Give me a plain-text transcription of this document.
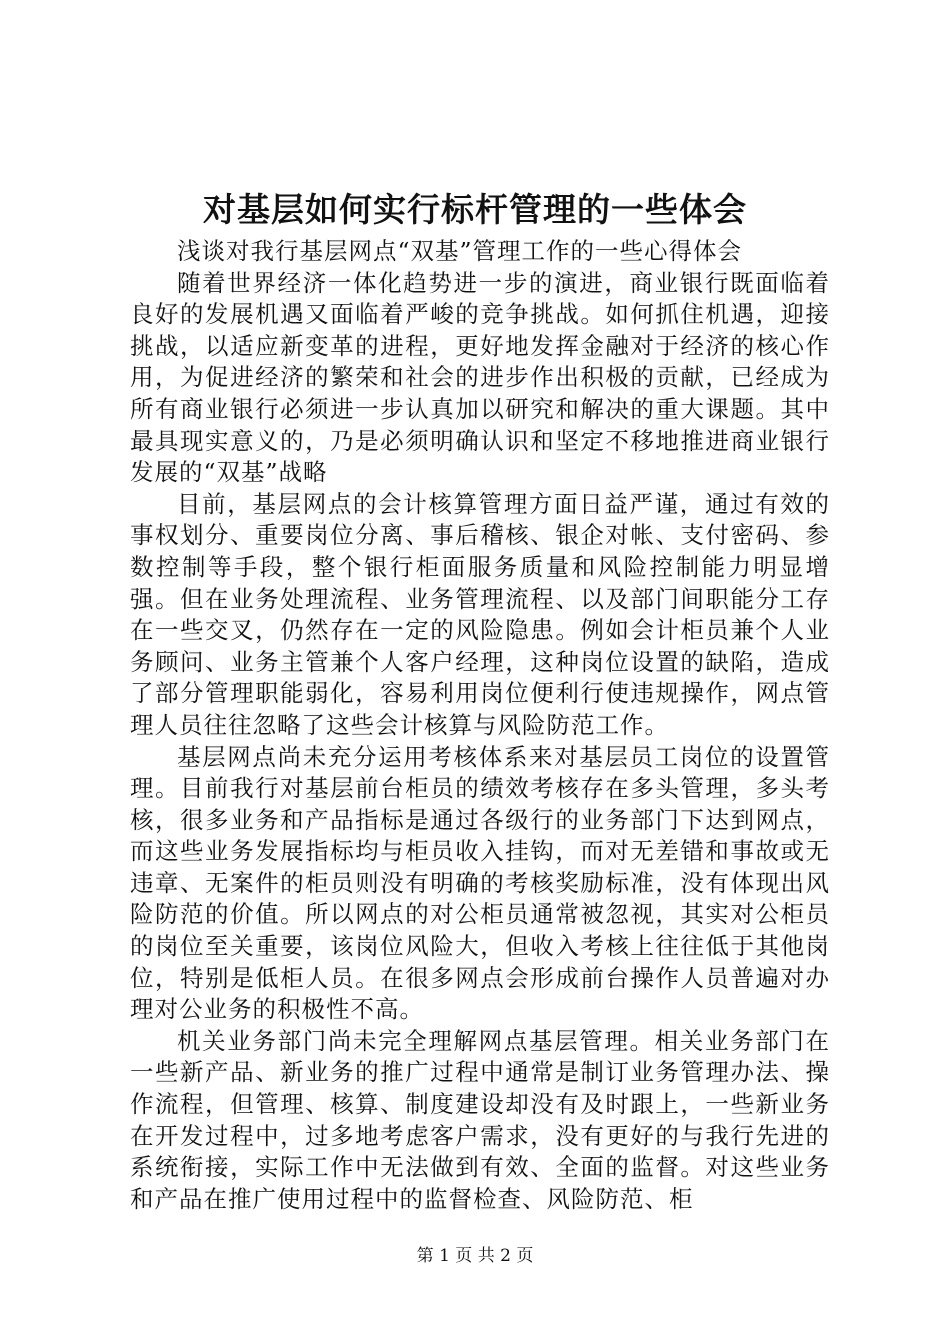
对基层如何实行标杆管理的一些体会

浅谈对我行基层网点“双基”管理工作的一些心得体会

随着世界经济一体化趋势进一步的演进，商业银行既面临着良好的发展机遇又面临着严峻的竞争挑战。如何抓住机遇，迎接挑战，以适应新变革的进程，更好地发挥金融对于经济的核心作用，为促进经济的繁荣和社会的进步作出积极的贡献，已经成为所有商业银行必须进一步认真加以研究和解决的重大课题。其中最具现实意义的，乃是必须明确认识和坚定不移地推进商业银行发展的“双基”战略

目前，基层网点的会计核算管理方面日益严谨，通过有效的事权划分、重要岗位分离、事后稽核、银企对帐、支付密码、参数控制等手段，整个银行柜面服务质量和风险控制能力明显增强。但在业务处理流程、业务管理流程、以及部门间职能分工存在一些交叉，仍然存在一定的风险隐患。例如会计柜员兼个人业务顾问、业务主管兼个人客户经理，这种岗位设置的缺陷，造成了部分管理职能弱化，容易利用岗位便利行使违规操作，网点管理人员往往忽略了这些会计核算与风险防范工作。

基层网点尚未充分运用考核体系来对基层员工岗位的设置管理。目前我行对基层前台柜员的绩效考核存在多头管理，多头考核，很多业务和产品指标是通过各级行的业务部门下达到网点，而这些业务发展指标均与柜员收入挂钩，而对无差错和事故或无违章、无案件的柜员则没有明确的考核奖励标准，没有体现出风险防范的价值。所以网点的对公柜员通常被忽视，其实对公柜员的岗位至关重要，该岗位风险大，但收入考核上往往低于其他岗位，特别是低柜人员。在很多网点会形成前台操作人员普遍对办理对公业务的积极性不高。

机关业务部门尚未完全理解网点基层管理。相关业务部门在一些新产品、新业务的推广过程中通常是制订业务管理办法、操作流程，但管理、核算、制度建设却没有及时跟上，一些新业务在开发过程中，过多地考虑客户需求，没有更好的与我行先进的系统衔接，实际工作中无法做到有效、全面的监督。对这些业务和产品在推广使用过程中的监督检查、风险防范、柜

第 1 页 共 2 页
